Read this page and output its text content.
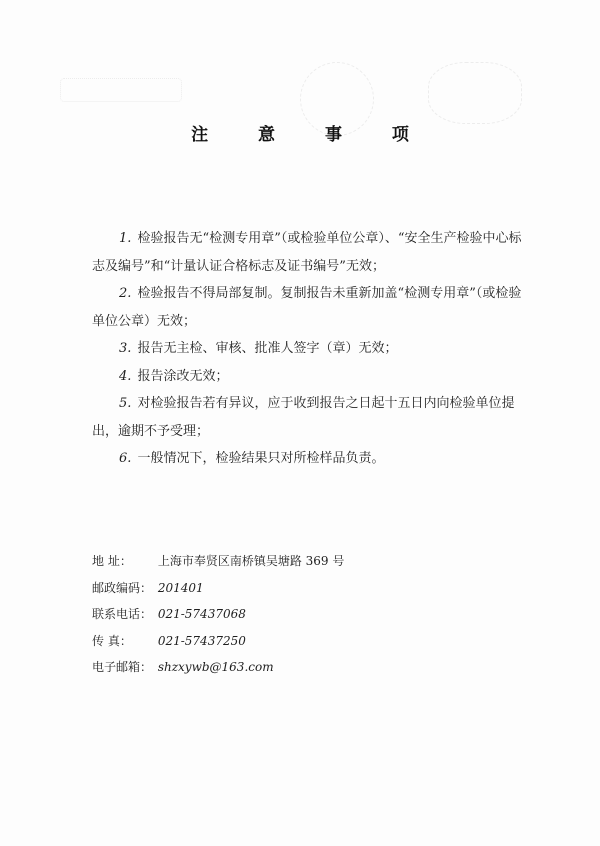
注 意 事 项

1. 检验报告无“检测专用章”（或检验单位公章）、“安全生产检验中心标志及编号”和“计量认证合格标志及证书编号”无效；

2. 检验报告不得局部复制。复制报告未重新加盖“检测专用章”（或检验单位公章）无效；

3. 报告无主检、审核、批准人签字（章）无效；

4. 报告涂改无效；

5. 对检验报告若有异议，应于收到报告之日起十五日内向检验单位提出，逾期不予受理；

6. 一般情况下，检验结果只对所检样品负责。

地 址： 上海市奉贤区南桥镇吴塘路 369 号
邮政编码： 201401
联系电话： 021-57437068
传 真： 021-57437250
电子邮箱： shzxywb@163.com
